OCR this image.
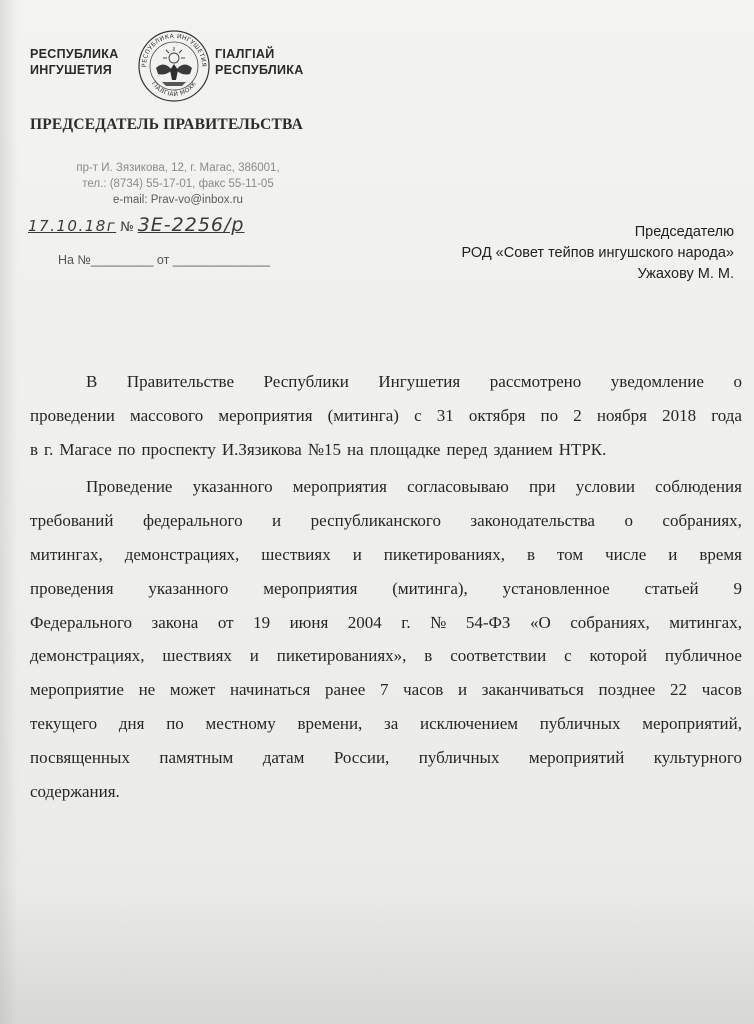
РЕСПУБЛИКА
ИНГУШЕТИЯ	РЕСПУБЛИКА ИНГУШЕТИЯ
ГIАЛГIАЙ МОХК
ГIАЛГIАЙ
РЕСПУБЛИКА
ПРЕДСЕДАТЕЛЬ ПРАВИТЕЛЬСТВА
пр-т И. Зязикова, 12, г. Магас, 386001,
тел.: (8734) 55-17-01, факс 55-11-05
e-mail: Prav-vo@inbox.ru
17.10.18г № 3Е-2256/р
На №_________ от ______________
Председателю
РОД «Совет тейпов ингушского народа»
Ужахову М. М.
В Правительстве Республики Ингушетия рассмотрено уведомление о
проведении массового мероприятия (митинга) с 31 октября по 2 ноября 2018 года
в г. Магасе по проспекту И.Зязикова №15 на площадке перед зданием НТРК.
Проведение указанного мероприятия согласовываю при условии соблюдения
требований федерального и республиканского законодательства о собраниях,
митингах, демонстрациях, шествиях и пикетированиях, в том числе и время
проведения указанного мероприятия (митинга), установленное статьей 9
Федерального закона от 19 июня 2004 г. № 54-ФЗ «О собраниях, митингах,
демонстрациях, шествиях и пикетированиях», в соответствии с которой публичное
мероприятие не может начинаться ранее 7 часов и заканчиваться позднее 22 часов
текущего дня по местному времени, за исключением публичных мероприятий,
посвященных памятным датам России, публичных мероприятий культурного
содержания.
